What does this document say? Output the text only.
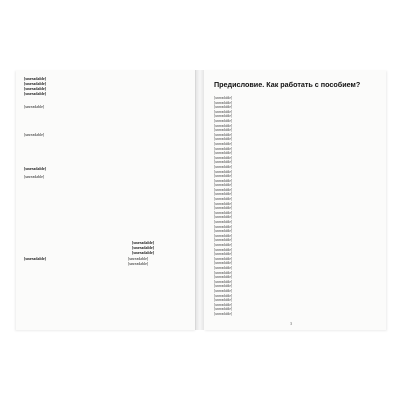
[unreadable]
[unreadable]
[unreadable]
[unreadable]
[unreadable]
[unreadable]
[unreadable]
[unreadable]
[unreadable]
[unreadable]
[unreadable]
[unreadable]	[unreadable]
[unreadable]
Предисловие. Как работать с пособием?
[unreadable]
[unreadable]
[unreadable]
[unreadable]
[unreadable]
[unreadable]
[unreadable]
[unreadable]
[unreadable]
[unreadable]
[unreadable]
[unreadable]
[unreadable]
[unreadable]
[unreadable]
[unreadable]
[unreadable]
[unreadable]
[unreadable]
[unreadable]
[unreadable]
[unreadable]
[unreadable]
[unreadable]
[unreadable]
[unreadable]
[unreadable]
[unreadable]
[unreadable]
[unreadable]
[unreadable]
[unreadable]
[unreadable]
[unreadable]
[unreadable]
[unreadable]
[unreadable]
[unreadable]
[unreadable]
[unreadable]
[unreadable]
[unreadable]
[unreadable]
[unreadable]
[unreadable]
[unreadable]
[unreadable]
[unreadable]
3
